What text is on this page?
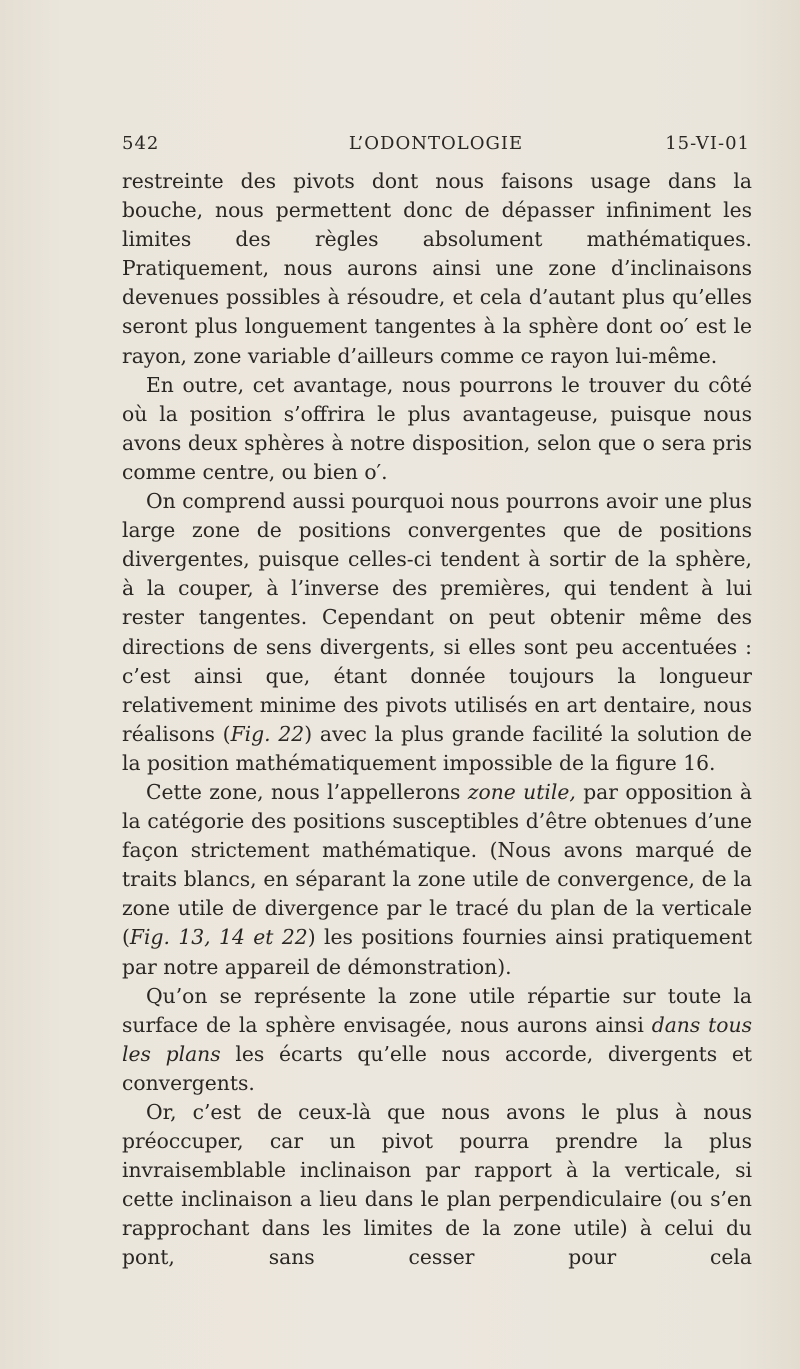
542	L’ODONTOLOGIE	15-VI-01

restreinte des pivots dont nous faisons usage dans la bouche, nous permettent donc de dépasser infiniment les limites des règles absolument mathématiques. Pratiquement, nous aurons ainsi une zone d’inclinaisons devenues possibles à résoudre, et cela d’autant plus qu’elles seront plus longuement tangentes à la sphère dont oo′ est le rayon, zone variable d’ailleurs comme ce rayon lui-même.

En outre, cet avantage, nous pourrons le trouver du côté où la position s’offrira le plus avantageuse, puisque nous avons deux sphères à notre disposition, selon que o sera pris comme centre, ou bien o′.

On comprend aussi pourquoi nous pourrons avoir une plus large zone de positions convergentes que de positions divergentes, puisque celles-ci tendent à sortir de la sphère, à la couper, à l’inverse des premières, qui tendent à lui rester tangentes. Cependant on peut obtenir même des directions de sens divergents, si elles sont peu accentuées : c’est ainsi que, étant donnée toujours la longueur relativement minime des pivots utilisés en art dentaire, nous réalisons (Fig. 22) avec la plus grande facilité la solution de la position mathématiquement impossible de la figure 16.

Cette zone, nous l’appellerons zone utile, par opposition à la catégorie des positions susceptibles d’être obtenues d’une façon strictement mathématique. (Nous avons marqué de traits blancs, en séparant la zone utile de convergence, de la zone utile de divergence par le tracé du plan de la verticale (Fig. 13, 14 et 22) les positions fournies ainsi pratiquement par notre appareil de démonstration).

Qu’on se représente la zone utile répartie sur toute la surface de la sphère envisagée, nous aurons ainsi dans tous les plans les écarts qu’elle nous accorde, divergents et convergents.

Or, c’est de ceux-là que nous avons le plus à nous préoccuper, car un pivot pourra prendre la plus invraisemblable inclinaison par rapport à la verticale, si cette inclinaison a lieu dans le plan perpendiculaire (ou s’en rapprochant dans les limites de la zone utile) à celui du pont, sans cesser pour cela
